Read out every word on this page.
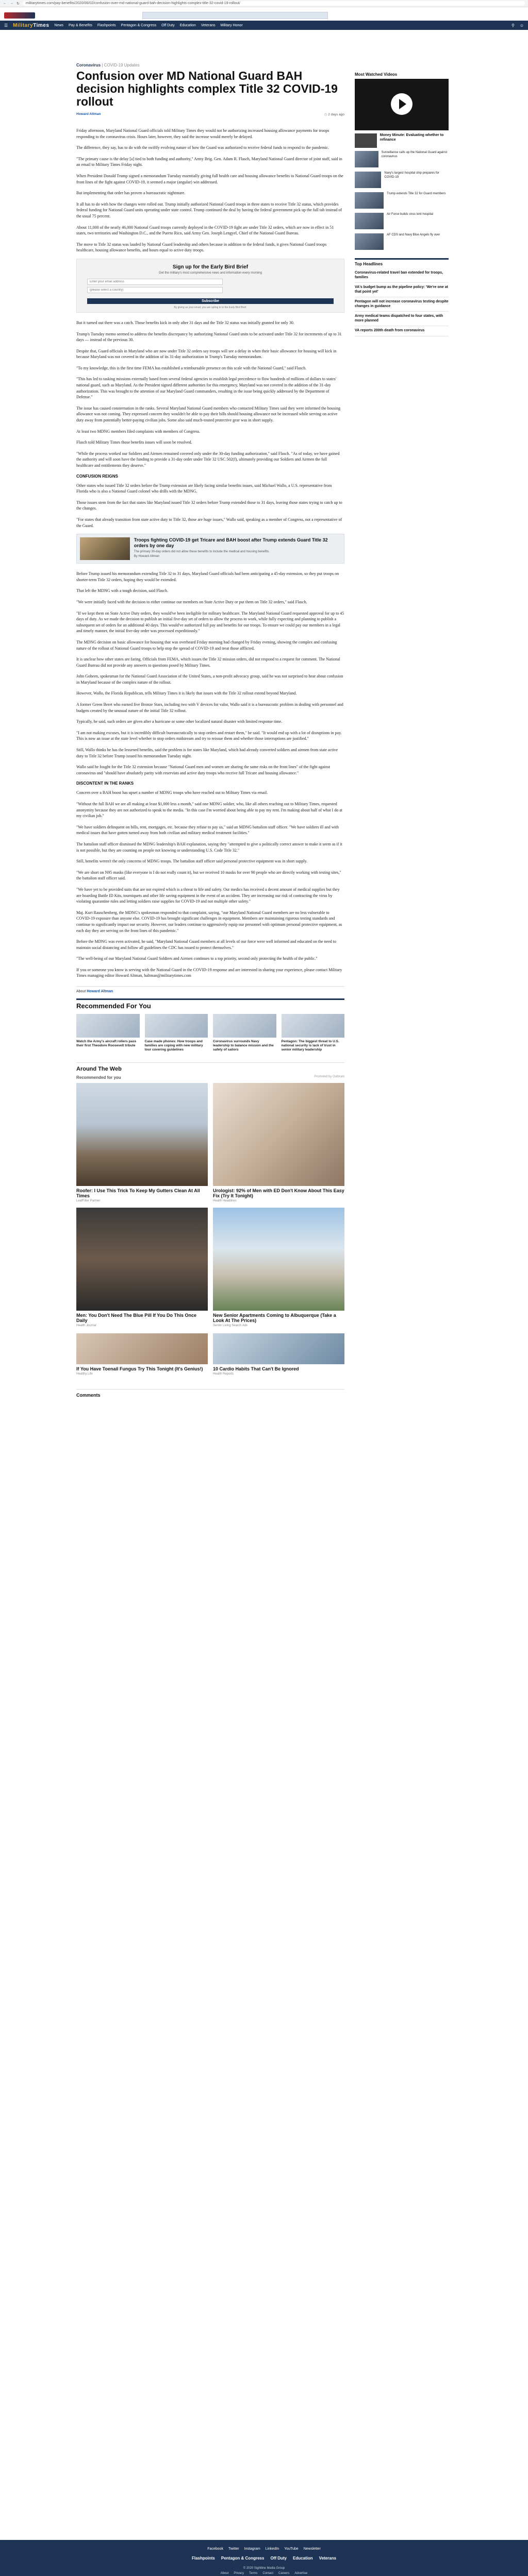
← → ↻	militarytimes.com/pay-benefits/2020/06/02/confusion-over-md-national-guard-bah-decision-highlights-complex-title-32-covid-19-rollout/
☰ MilitaryTimes News Pay & Benefits Flashpoints Pentagon & Congress Off Duty Education Veterans Military Honor	⚲ ☺
Coronavirus | COVID-19 Updates
Confusion over MD National Guard BAH decision highlights complex Title 32 COVID-19 rollout
Howard Altman	◷ 2 days ago

Friday afternoon, Maryland National Guard officials told Military Times they would not be authorizing increased housing allowance payments for troops responding to the coronavirus crisis. Hours later, however, they said the increase would merely be delayed.

The difference, they say, has to do with the swiftly evolving nature of how the Guard was authorized to receive federal funds to respond to the pandemic.

"The primary cause is the delay [a] tied to both funding and authority," Army Brig. Gen. Adam R. Flasch, Maryland National Guard director of joint staff, said in an email to Military Times Friday night.

When President Donald Trump signed a memorandum Tuesday essentially giving full health care and housing allowance benefits to National Guard troops on the front lines of the fight against COVID-19, it seemed a major (angular) win addressed.

But implementing that order has proven a bureaucratic nightmare.

It all has to do with how the changes were rolled out. Trump initially authorized National Guard troops in three states to receive Title 32 status, which provides federal funding for National Guard units operating under state control. Trump continued the deal by having the federal government pick up the full tab instead of the usual 75 percent.

About 11,000 of the nearly 46,000 National Guard troops currently deployed in the COVID-19 fight are under Title 32 orders, which are now in effect in 51 states, two territories and Washington D.C., and the Puerto Rico, said Army Gen. Joseph Lengyel, Chief of the National Guard Bureau.

The move to Title 32 status was lauded by National Guard leadership and others because in addition to the federal funds, it gives National Guard troops healthcare, housing allowance benefits, and hours equal to active duty troops.

Sign up for the Early Bird Brief
Get the military's most comprehensive news and information every morning
Enter your email address
(please select a country) Subscribe
By giving us your email, you are opting in to the Early Bird Brief.

But it turned out there was a catch. Those benefits kick in only after 31 days and the Title 32 status was initially granted for only 30.

Trump's Tuesday memo seemed to address the benefits discrepancy by authorizing National Guard units to be activated under Title 32 for increments of up to 31 days — instead of the previous 30.

Despite that, Guard officials in Maryland who are now under Title 32 orders say troops will see a delay in when their basic allowance for housing will kick in because Maryland was not covered in the addition of its 31-day authorization in Trump's Tuesday memorandum.

"To my knowledge, this is the first time FEMA has established a reimbursable presence on this scale with the National Guard," said Flasch.

"This has led to tasking missions externally based from several federal agencies to establish legal precedence to flow hundreds of millions of dollars to states' national guard, such as Maryland. As the President signed different authorities for this emergency, Maryland was not covered in the addition of the 31-day authorization. This was brought to the attention of our Maryland Guard commanders, resulting in the issue being quickly addressed by the Department of Defense."

The issue has caused consternation in the ranks. Several Maryland National Guard members who contacted Military Times said they were informed the housing allowance was not coming. They expressed concern they wouldn't be able to pay their bills should housing allowance not be increased while serving on active duty away from potentially better-paying civilian jobs. Some also said much-touted protective gear was in short supply.

At least two MDNG members filed complaints with members of Congress.

Flasch told Military Times those benefits issues will soon be resolved.

"While the process worked our Soldiers and Airmen remained covered only under the 30-day funding authorization," said Flasch. "As of today, we have gained the authority and will soon have the funding to provide a 31-day order under Title 32 USC 502(f), ultimately providing our Soldiers and Airmen the full healthcare and entitlements they deserve."

CONFUSION REIGNS

Other states who issued Title 32 orders before the Trump extension are likely facing similar benefits issues, said Michael Wallo, a U.S. representative from Florida who is also a National Guard colonel who drills with the MDNG.

Those issues stem from the fact that states like Maryland issued Title 32 orders before Trump extended those to 31 days, leaving those states trying to catch up to the changes.

"For states that already transition from state active duty to Title 32, those are huge issues," Wallo said, speaking as a member of Congress, not a representative of the Guard.

Troops fighting COVID-19 get Tricare and BAH boost after Trump extends Guard Title 32 orders by one day
The primary 30-day orders did not allow these benefits to include the medical and housing benefits.
By Howard Altman

Before Trump issued his memorandum extending Title 32 to 31 days, Maryland Guard officials had been anticipating a 45-day extension, so they put troops on shorter-term Title 32 orders, hoping they would be extended.

That left the MDNG with a tough decision, said Flasch.

"We were initially faced with the decision to either continue our members on State Active Duty or put them on Title 32 orders," said Flasch.

"If we kept them on State Active Duty orders, they would've been ineligible for military healthcare. The Maryland National Guard requested approval for up to 45 days of duty. As we made the decision to publish an initial five-day set of orders to allow the process to work, while fully expecting and planning to publish a subsequent set of orders for an additional 40 days. This would've authorized full pay and benefits for our troops. To ensure we could pay our members in a legal and timely manner, the initial five-day order was processed expeditiously."

The MDNG decision on basic allowance for housing that was overheard Friday morning had changed by Friday evening, showing the complex and confusing nature of the rollout of National Guard troops to help stop the spread of COVID-19 and treat those afflicted.

It is unclear how other states are faring. Officials from FEMA, which issues the Title 32 mission orders, did not respond to a request for comment. The National Guard Bureau did not provide any answers to questions posed by Military Times.

John Goheen, spokesman for the National Guard Association of the United States, a non-profit advocacy group, said he was not surprised to hear about confusion in Maryland because of the complex nature of the rollout.

However, Wallo, the Florida Republican, tells Military Times it is likely that issues with the Title 32 rollout extend beyond Maryland.

A former Green Beret who earned five Bronze Stars, including two with V devices for valor, Wallo said it is a bureaucratic problem in dealing with personnel and budgets created by the unusual nature of the initial Title 32 rollout.

Typically, he said, such orders are given after a hurricane or some other localized natural disaster with limited response time.

"I am not making excuses, but it is incredibly difficult bureaucratically to stop orders and restart them," he said. "It would end up with a lot of disruptions in pay. This is now an issue at the state level whether to stop orders midstream and try to reissue them and whether those interruptions are justified."

Still, Wallo thinks he has the lessened benefits, said the problem is for states like Maryland, which had already converted soldiers and airmen from state active duty to Title 32 before Trump issued his memorandum Tuesday night.

Wallo said he fought for the Title 32 extension because "National Guard men and women are sharing the same risks on the front lines" of the fight against coronavirus and "should have absolutely parity with reservists and active duty troops who receive full Tricare and housing allowance."

DISCONTENT IN THE RANKS

Concern over a BAH boost has upset a number of MDNG troops who have reached out to Military Times via email.

"Without the full BAH we are all making at least $1,000 less a month," said one MDNG soldier, who, like all others reaching out to Military Times, requested anonymity because they are not authorized to speak to the media. "In this case I'm worried about being able to pay my rent. I'm making about half of what I do at my civilian job."

"We have soldiers delinquent on bills, rent, mortgages, etc. because they refuse to pay us," said an MDNG battalion staff officer. "We have soldiers ill and with medical issues that have gotten turned away from both civilian and military medical treatment facilities."

The battalion staff officer dismissed the MDNG leadership's BAH explanation, saying they "attempted to give a politically correct answer to make it seem as if it is not possible, but they are counting on people not knowing or understanding U.S. Code Title 32."

Still, benefits weren't the only concerns of MDNG troops. The battalion staff officer said personal protective equipment was in short supply.

"We are short on N95 masks (like everyone is I do not really count it), but we received 10 masks for over 90 people who are directly working with testing sites," the battalion staff officer said.

"We have yet to be provided suits that are not expired which is a threat to life and safety. Our medics has received a decent amount of medical supplies but they are hoarding Battle ID Kits, tourniquets and other life saving equipment in the event of an accident. They are increasing our risk of contracting the virus by violating quarantine rules and letting soldiers raise supplies for COVID-19 and not multiple other safety."

Maj. Kurt Rauschenberg, the MDNG's spokesman responded to that complaint, saying, "our Maryland National Guard members are no less vulnerable to COVID-19 exposure than anyone else. COVID-19 has brought significant challenges in equipment. Members are maintaining rigorous testing standards and continue to significantly impact our security. However, our leaders continue to aggressively equip our personnel with optimum personal protective equipment, as each day they are serving on the front lines of this pandemic."

Before the MDNG was even activated, he said, "Maryland National Guard members at all levels of our force were well informed and educated on the need to maintain social distancing and follow all guidelines the CDC has issued to protect themselves."

"The well-being of our Maryland National Guard Soldiers and Airmen continues to a top priority, second only protecting the health of the public."

If you or someone you know is serving with the National Guard in the COVID-19 response and are interested in sharing your experience, please contact Military Times managing editor Howard Altman, haltman@militarytimes.com

About Howard Altman
Recommended For You
Watch the Army's aircraft rollers pass their first Theodore Roosevelt tribute
Case made phones: How troops and families are coping with new military tour covering guidelines
Coronavirus surrounds Navy leadership to balance mission and the safety of sailors
Pentagon: The biggest threat to U.S. national security is lack of trust in senior military leadership
Around The Web
Recommended for you	Promoted by Outbrain
Roofer: I Use This Trick To Keep My Gutters Clean At All Times
LeafFilter Partner
Urologist: 92% of Men with ED Don't Know About This Easy Fix (Try It Tonight)
Health Headlines
Men: You Don't Need The Blue Pill If You Do This Once Daily
Health Journal
New Senior Apartments Coming to Albuquerque (Take a Look At The Prices)
Senior Living Search Ads
If You Have Toenail Fungus Try This Tonight (It's Genius!)
Healthy Life
10 Cardio Habits That Can't Be Ignored
Health Reports
Comments
Most Watched Videos
Money Minute: Evaluating whether to refinance
Surveillance calls up the National Guard against coronavirus
Navy's largest hospital ship prepares for COVID-19
Trump extends Title 32 for Guard members
Air Force builds virus tent hospital
AF CDS and Navy Blue Angels fly over
Top Headlines
Coronavirus-related travel ban extended for troops, families
VA's budget bump as the pipeline policy: 'We're one at that point yet'
Pentagon will not increase coronavirus testing despite changes in guidance
Army medical teams dispatched to four states, with more planned
VA reports 200th death from coronavirus
Facebook Twitter Instagram LinkedIn YouTube Newsletter
Flashpoints Pentagon & Congress Off Duty Education Veterans
© 2020 Sightline Media Group
About Privacy Terms Contact Careers Advertise
